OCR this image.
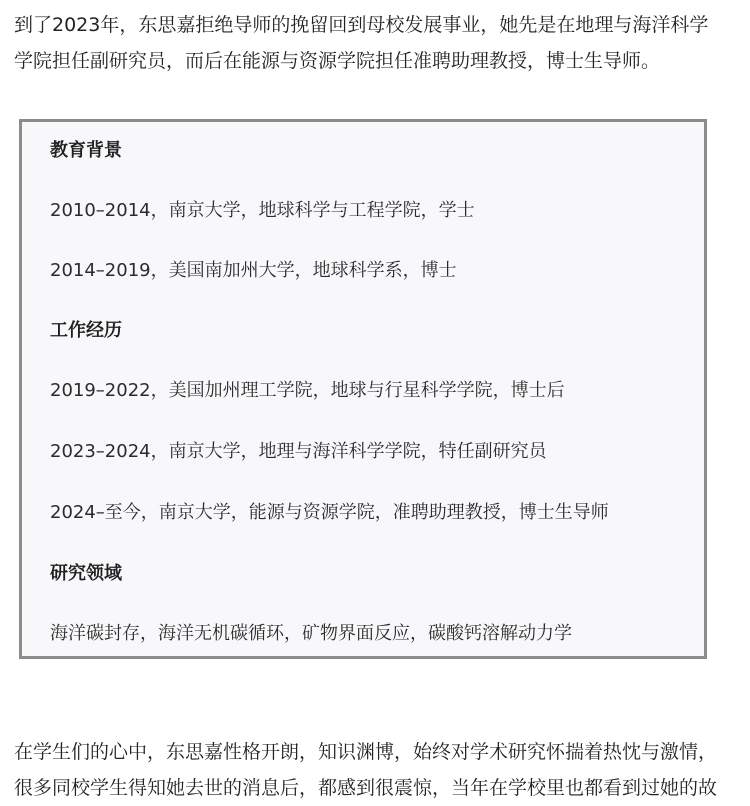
到了2023年，东思嘉拒绝导师的挽留回到母校发展事业，她先是在地理与海洋科学
学院担任副研究员，而后在能源与资源学院担任准聘助理教授，博士生导师。
教育背景
2010–2014，南京大学，地球科学与工程学院，学士
2014–2019，美国南加州大学，地球科学系，博士
工作经历
2019–2022，美国加州理工学院，地球与行星科学学院，博士后
2023–2024，南京大学，地理与海洋科学学院，特任副研究员
2024–至今，南京大学，能源与资源学院，准聘助理教授，博士生导师
研究领域
海洋碳封存，海洋无机碳循环，矿物界面反应，碳酸钙溶解动力学
在学生们的心中，东思嘉性格开朗，知识渊博，始终对学术研究怀揣着热忱与激情，
很多同校学生得知她去世的消息后，都感到很震惊，当年在学校里也都看到过她的故
